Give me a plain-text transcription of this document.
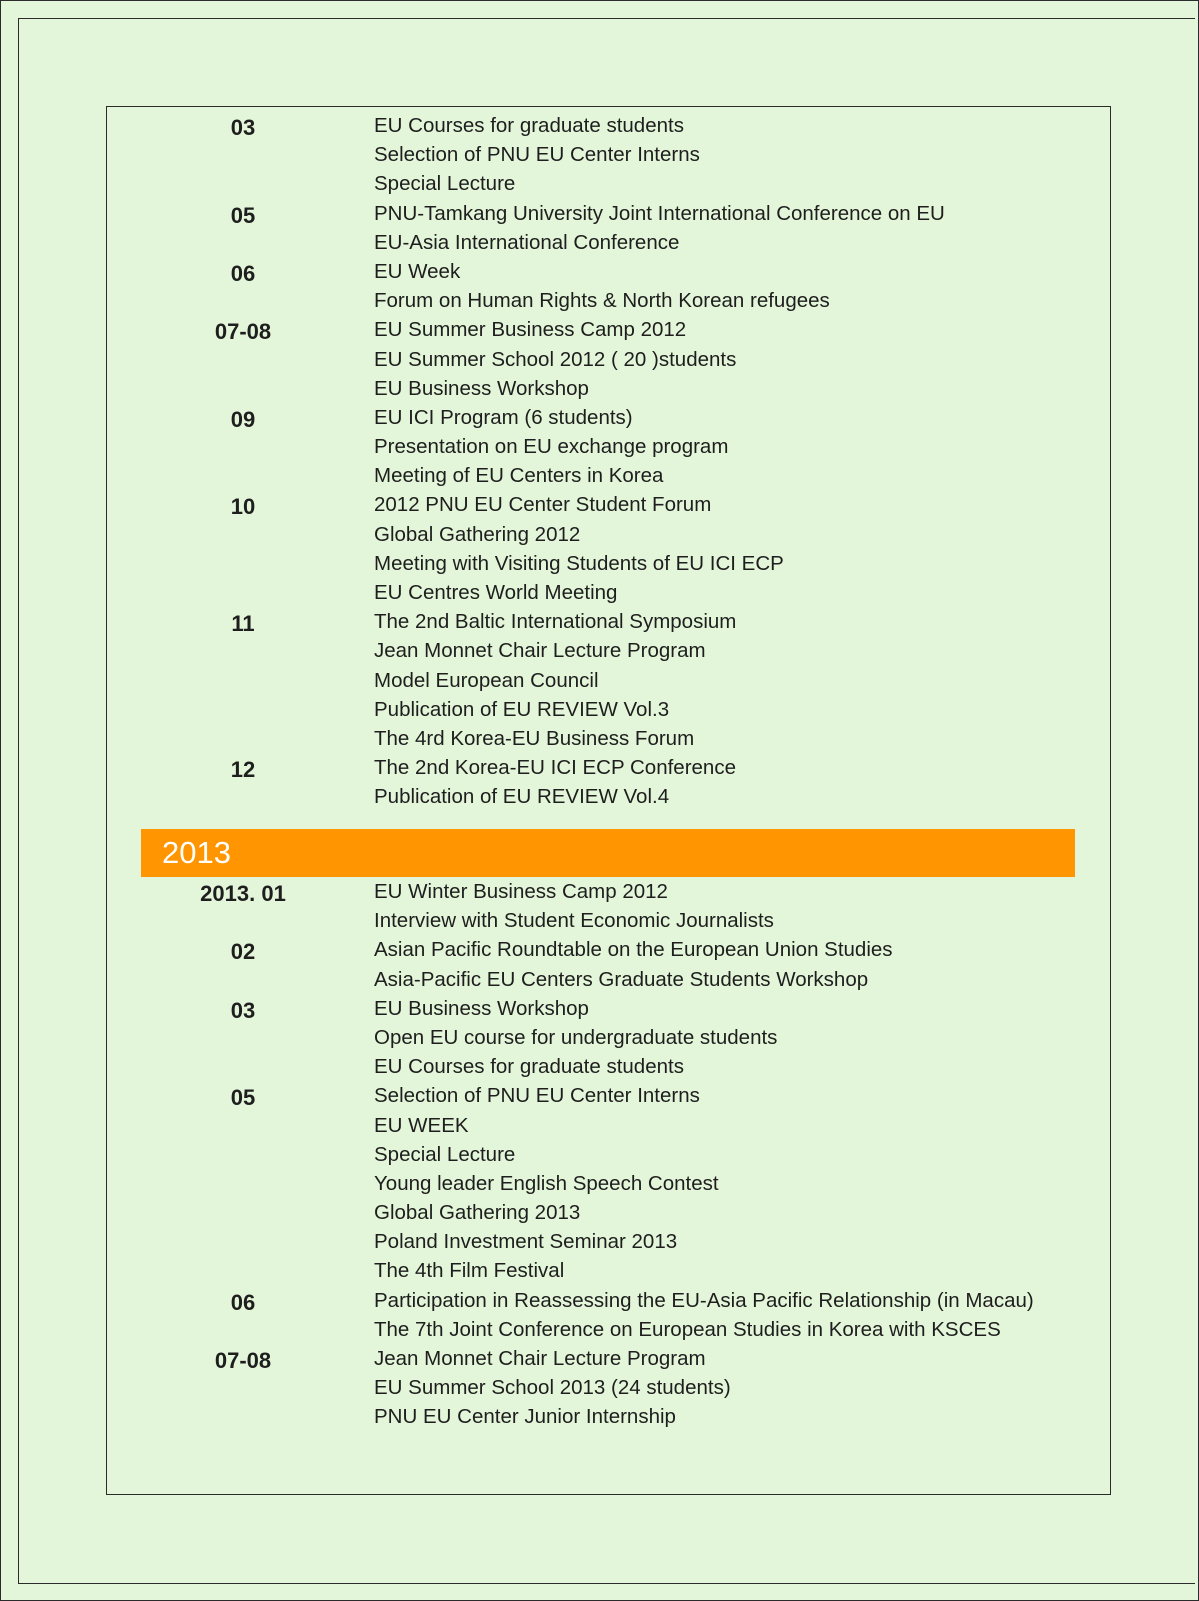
03	EU Courses for graduate students
Selection of PNU EU Center Interns
Special Lecture
05	PNU-Tamkang University Joint International Conference on EU
EU-Asia International Conference
06	EU Week
Forum on Human Rights & North Korean refugees
07-08	EU Summer Business Camp 2012
EU Summer School 2012 ( 20 )students
EU Business Workshop
09	EU ICI Program (6 students)
Presentation on EU exchange program
Meeting of EU Centers in Korea
10	2012 PNU EU Center Student Forum
Global Gathering 2012
Meeting with Visiting Students of EU ICI ECP
EU Centres World Meeting
11	The 2nd Baltic International Symposium
Jean Monnet Chair Lecture Program
Model European Council
Publication of EU REVIEW Vol.3
The 4rd Korea-EU Business Forum
12	The 2nd Korea-EU ICI ECP Conference
Publication of EU REVIEW Vol.4
2013
2013. 01	EU Winter Business Camp 2012
Interview with Student Economic Journalists
02	Asian Pacific Roundtable on the European Union Studies
Asia-Pacific EU Centers Graduate Students Workshop
03	EU Business Workshop
Open EU course for undergraduate students
EU Courses for graduate students
05	Selection of PNU EU Center Interns
EU WEEK
Special Lecture
Young leader English Speech Contest
Global Gathering 2013
Poland Investment Seminar 2013
The 4th Film Festival
06	Participation in Reassessing the EU-Asia Pacific Relationship (in Macau)
The 7th Joint Conference on European Studies in Korea with KSCES
07-08	Jean Monnet Chair Lecture Program
EU Summer School 2013 (24 students)
PNU EU Center Junior Internship
